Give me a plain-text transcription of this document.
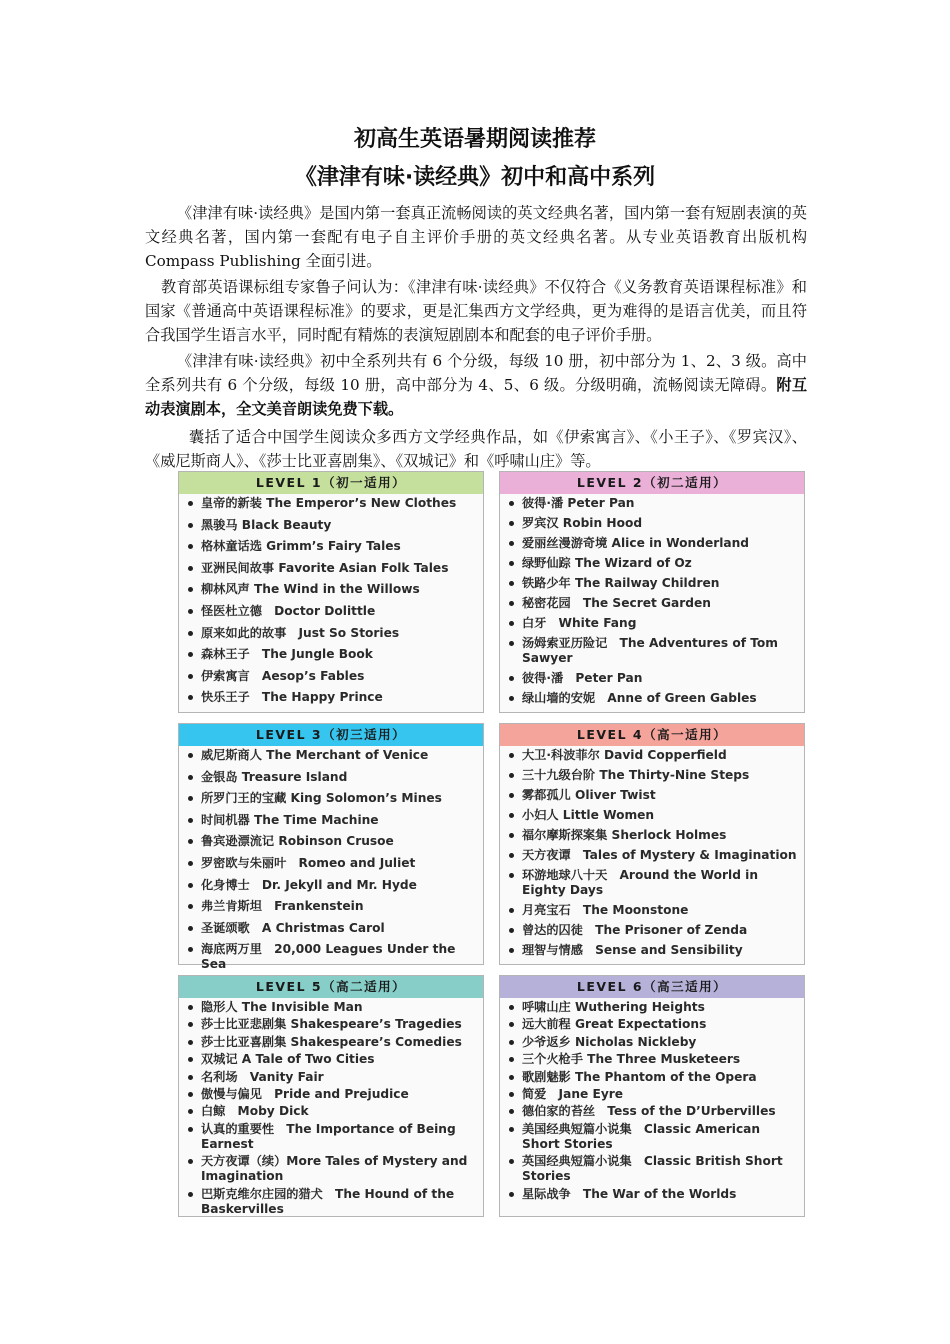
初高生英语暑期阅读推荐
《津津有味·读经典》初中和高中系列

《津津有味·读经典》是国内第一套真正流畅阅读的英文经典名著，国内第一套有短剧表演的英文经典名著，国内第一套配有电子自主评价手册的英文经典名著。从专业英语教育出版机构 Compass Publishing 全面引进。

教育部英语课标组专家鲁子问认为：《津津有味·读经典》不仅符合《义务教育英语课程标准》和国家《普通高中英语课程标准》的要求，更是汇集西方文学经典，更为难得的是语言优美，而且符合我国学生语言水平，同时配有精炼的表演短剧剧本和配套的电子评价手册。

《津津有味·读经典》初中全系列共有 6 个分级，每级 10 册，初中部分为 1、2、3 级。高中全系列共有 6 个分级，每级 10 册，高中部分为 4、5、6 级。分级明确，流畅阅读无障碍。附互动表演剧本，全文美音朗读免费下载。

囊括了适合中国学生阅读众多西方文学经典作品，如《伊索寓言》、《小王子》、《罗宾汉》、《威尼斯商人》、《莎士比亚喜剧集》、《双城记》和《呼啸山庄》等。

LEVEL 1（初一适用）
皇帝的新装 The Emperor’s New Clothes
黑骏马 Black Beauty
格林童话选 Grimm’s Fairy Tales
亚洲民间故事 Favorite Asian Folk Tales
柳林风声 The Wind in the Willows
怪医杜立德　Doctor Dolittle
原来如此的故事　Just So Stories
森林王子　The Jungle Book
伊索寓言　Aesop’s Fables
快乐王子　The Happy Prince
LEVEL 2（初二适用）
彼得·潘 Peter Pan
罗宾汉 Robin Hood
爱丽丝漫游奇境 Alice in Wonderland
绿野仙踪 The Wizard of Oz
铁路少年 The Railway Children
秘密花园　The Secret Garden
白牙　White Fang
汤姆索亚历险记　The Adventures of Tom Sawyer
彼得·潘　Peter Pan
绿山墙的安妮　Anne of Green Gables
LEVEL 3（初三适用）
威尼斯商人 The Merchant of Venice
金银岛 Treasure Island
所罗门王的宝藏 King Solomon’s Mines
时间机器 The Time Machine
鲁宾逊漂流记 Robinson Crusoe
罗密欧与朱丽叶　Romeo and Juliet
化身博士　Dr. Jekyll and Mr. Hyde
弗兰肯斯坦　Frankenstein
圣诞颂歌　A Christmas Carol
海底两万里　20,000 Leagues Under the Sea
LEVEL 4（高一适用）
大卫·科波菲尔 David Copperfield
三十九级台阶 The Thirty-Nine Steps
雾都孤儿 Oliver Twist
小妇人 Little Women
福尔摩斯探案集 Sherlock Holmes
天方夜谭　Tales of Mystery & Imagination
环游地球八十天　Around the World in Eighty Days
月亮宝石　The Moonstone
曾达的囚徒　The Prisoner of Zenda
理智与情感　Sense and Sensibility
LEVEL 5（高二适用）
隐形人 The Invisible Man
莎士比亚悲剧集 Shakespeare’s Tragedies
莎士比亚喜剧集 Shakespeare’s Comedies
双城记 A Tale of Two Cities
名利场　Vanity Fair
傲慢与偏见　Pride and Prejudice
白鲸　Moby Dick
认真的重要性　The Importance of Being Earnest
天方夜谭（续）More Tales of Mystery and Imagination
巴斯克维尔庄园的猎犬　The Hound of the Baskervilles
LEVEL 6（高三适用）
呼啸山庄 Wuthering Heights
远大前程 Great Expectations
少爷返乡 Nicholas Nickleby
三个火枪手 The Three Musketeers
歌剧魅影 The Phantom of the Opera
简爱　Jane Eyre
德伯家的苔丝　Tess of the D’Urbervilles
美国经典短篇小说集　Classic American Short Stories
英国经典短篇小说集　Classic British Short Stories
星际战争　The War of the Worlds
